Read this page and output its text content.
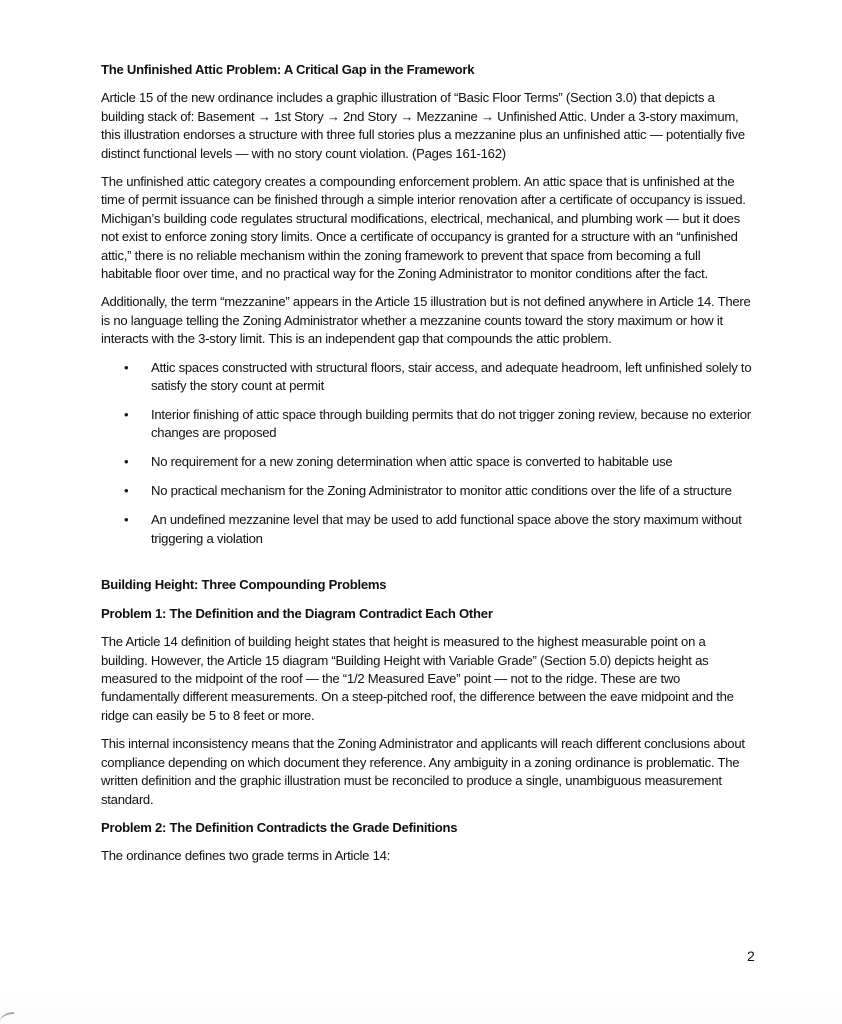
The Unfinished Attic Problem: A Critical Gap in the Framework

Article 15 of the new ordinance includes a graphic illustration of “Basic Floor Terms” (Section 3.0) that depicts a building stack of: Basement → 1st Story → 2nd Story → Mezzanine → Unfinished Attic. Under a 3-story maximum, this illustration endorses a structure with three full stories plus a mezzanine plus an unfinished attic — potentially five distinct functional levels — with no story count violation. (Pages 161-162)

The unfinished attic category creates a compounding enforcement problem. An attic space that is unfinished at the time of permit issuance can be finished through a simple interior renovation after a certificate of occupancy is issued. Michigan’s building code regulates structural modifications, electrical, mechanical, and plumbing work — but it does not exist to enforce zoning story limits. Once a certificate of occupancy is granted for a structure with an “unfinished attic,” there is no reliable mechanism within the zoning framework to prevent that space from becoming a full habitable floor over time, and no practical way for the Zoning Administrator to monitor conditions after the fact.

Additionally, the term “mezzanine” appears in the Article 15 illustration but is not defined anywhere in Article 14. There is no language telling the Zoning Administrator whether a mezzanine counts toward the story maximum or how it interacts with the 3-story limit. This is an independent gap that compounds the attic problem.

• Attic spaces constructed with structural floors, stair access, and adequate headroom, left unfinished solely to satisfy the story count at permit
• Interior finishing of attic space through building permits that do not trigger zoning review, because no exterior changes are proposed
• No requirement for a new zoning determination when attic space is converted to habitable use
• No practical mechanism for the Zoning Administrator to monitor attic conditions over the life of a structure
• An undefined mezzanine level that may be used to add functional space above the story maximum without triggering a violation
Building Height: Three Compounding Problems
Problem 1: The Definition and the Diagram Contradict Each Other

The Article 14 definition of building height states that height is measured to the highest measurable point on a building. However, the Article 15 diagram “Building Height with Variable Grade” (Section 5.0) depicts height as measured to the midpoint of the roof — the “1/2 Measured Eave” point — not to the ridge. These are two fundamentally different measurements. On a steep-pitched roof, the difference between the eave midpoint and the ridge can easily be 5 to 8 feet or more.

This internal inconsistency means that the Zoning Administrator and applicants will reach different conclusions about compliance depending on which document they reference. Any ambiguity in a zoning ordinance is problematic. The written definition and the graphic illustration must be reconciled to produce a single, unambiguous measurement standard.

Problem 2: The Definition Contradicts the Grade Definitions

The ordinance defines two grade terms in Article 14:

2
